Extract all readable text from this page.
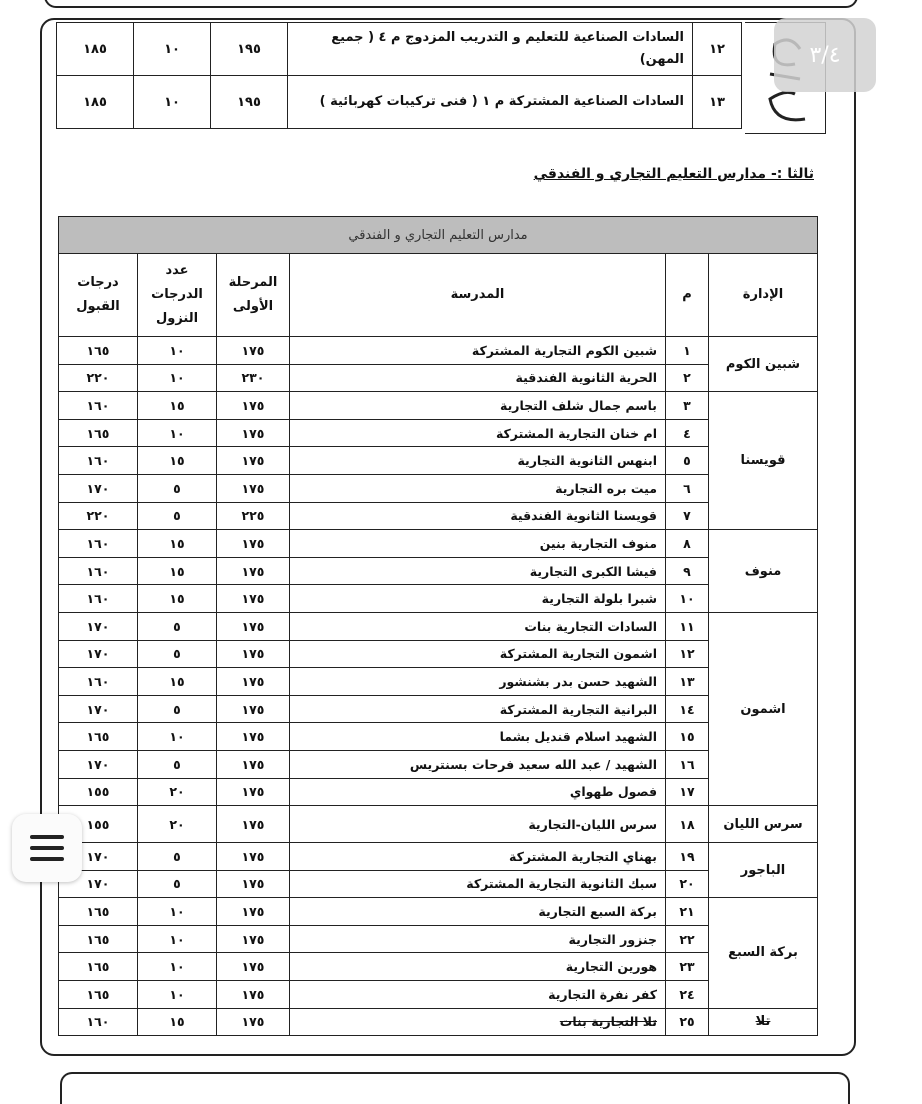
١٢	السادات الصناعية للتعليم و التدريب المزدوج م ٤ ( جميع المهن)	١٩٥	١٠	١٨٥
١٣	السادات الصناعية المشتركة م ١ ( فنى تركيبات كهربائية )	١٩٥	١٠	١٨٥
ثالثا :- مدارس التعليم التجاري و الفندقي
مدارس التعليم التجاري و الفندقي					
الإدارة	م	المدرسة	المرحلة الأولى	عدد الدرجات النزول	درجات القبول
شبين الكوم	١	شبين الكوم التجارية المشتركة	١٧٥	١٠	١٦٥
	٢	الحرية الثانوية الفندقية	٢٣٠	١٠	٢٢٠
قويسنا	٣	باسم جمال شلف التجارية	١٧٥	١٥	١٦٠
	٤	ام خنان التجارية المشتركة	١٧٥	١٠	١٦٥
	٥	ابنهس الثانوية التجارية	١٧٥	١٥	١٦٠
	٦	ميت بره التجارية	١٧٥	٥	١٧٠
	٧	قويسنا الثانوية الفندقية	٢٢٥	٥	٢٢٠
منوف	٨	منوف التجارية بنين	١٧٥	١٥	١٦٠
	٩	فيشا الكبرى التجارية	١٧٥	١٥	١٦٠
	١٠	شبرا بلولة التجارية	١٧٥	١٥	١٦٠
اشمون	١١	السادات التجارية بنات	١٧٥	٥	١٧٠
	١٢	اشمون التجارية المشتركة	١٧٥	٥	١٧٠
	١٣	الشهيد حسن بدر بشنشور	١٧٥	١٥	١٦٠
	١٤	البرانية التجارية المشتركة	١٧٥	٥	١٧٠
	١٥	الشهيد اسلام قنديل بشما	١٧٥	١٠	١٦٥
	١٦	الشهيد / عبد الله سعيد فرحات بسنتريس	١٧٥	٥	١٧٠
	١٧	فصول طهواي	١٧٥	٢٠	١٥٥
سرس الليان	١٨	سرس الليان-التجارية	١٧٥	٢٠	١٥٥
الباجور	١٩	بهناي التجارية المشتركة	١٧٥	٥	١٧٠
	٢٠	سبك الثانوية التجارية المشتركة	١٧٥	٥	١٧٠
بركة السبع	٢١	بركة السبع التجارية	١٧٥	١٠	١٦٥
	٢٢	جنزور التجارية	١٧٥	١٠	١٦٥
	٢٣	هورين التجارية	١٧٥	١٠	١٦٥
	٢٤	كفر نفرة التجارية	١٧٥	١٠	١٦٥
تلا	٢٥	تلا التجارية بنات	١٧٥	١٥	١٦٠
٣/٤
